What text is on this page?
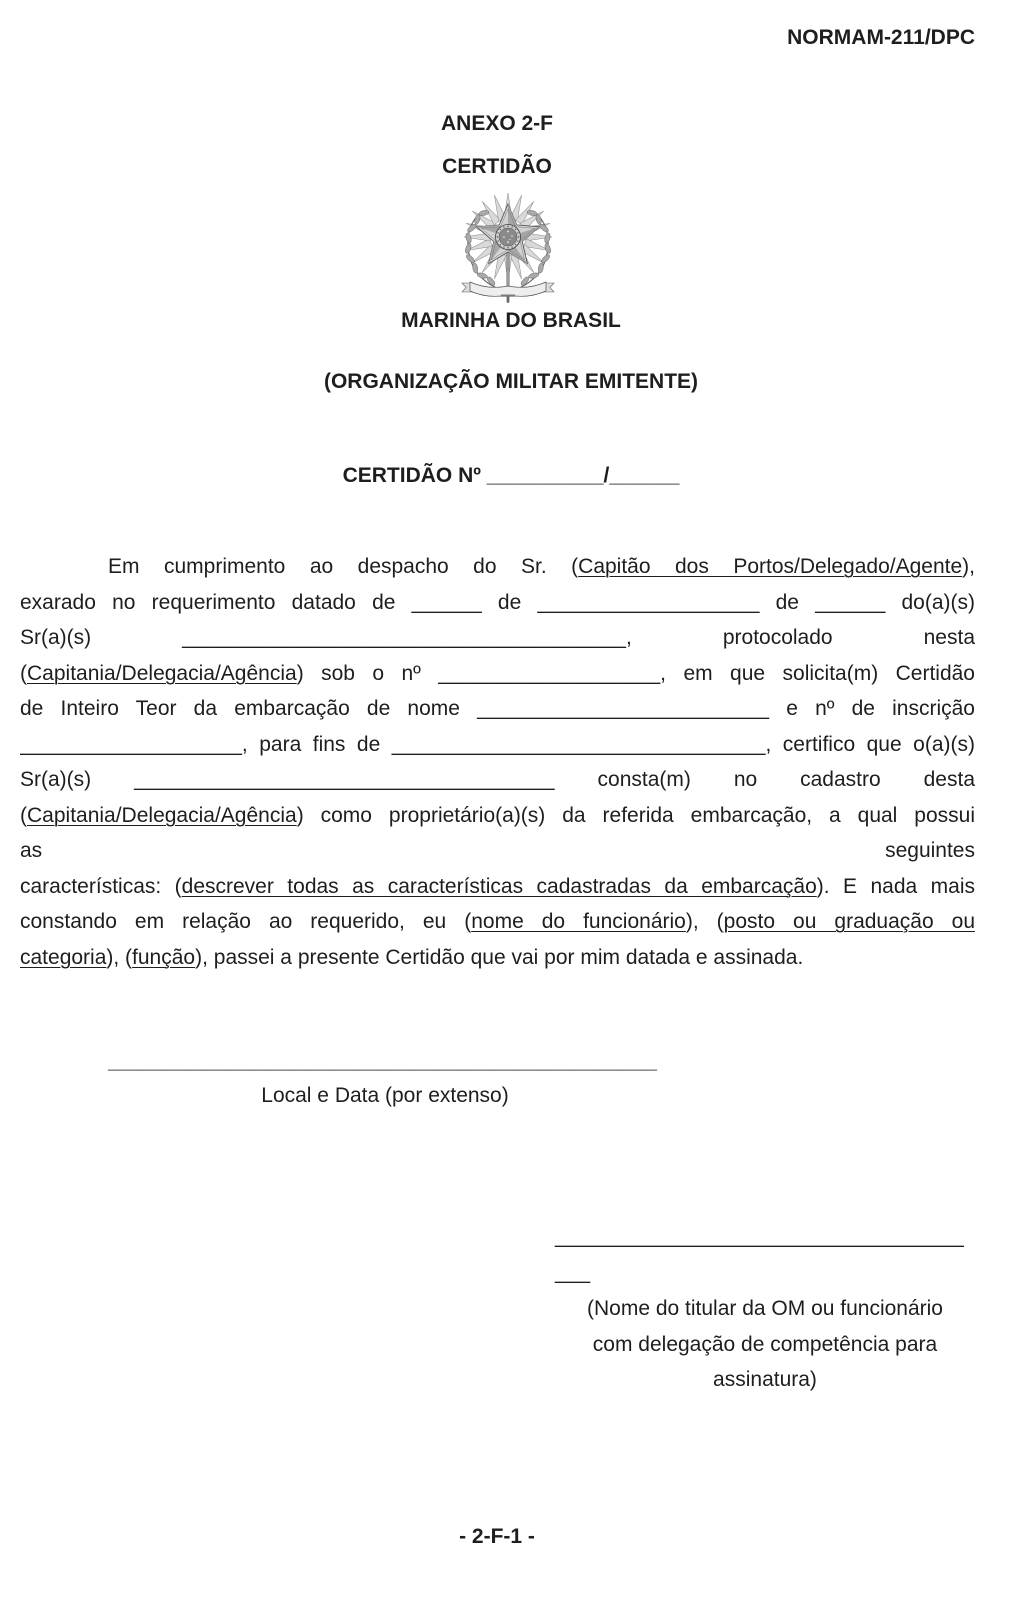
NORMAM-211/DPC
ANEXO 2-F
CERTIDÃO
MARINHA DO BRASIL
(ORGANIZAÇÃO MILITAR EMITENTE)
CERTIDÃO Nº __________/______
Em cumprimento ao despacho do Sr. (Capitão dos Portos/Delegado/Agente),
exarado no requerimento datado de ______ de ___________________ de ______ do(a)(s)
Sr(a)(s) ______________________________________, protocolado nesta
(Capitania/Delegacia/Agência) sob o nº ___________________, em que solicita(m) Certidão
de Inteiro Teor da embarcação de nome _________________________ e nº de inscrição
___________________, para fins de ________________________________, certifico que o(a)(s)
Sr(a)(s) ____________________________________ consta(m) no cadastro desta
(Capitania/Delegacia/Agência) como proprietário(a)(s) da referida embarcação, a qual possui
as seguintes
características: (descrever todas as características cadastradas da embarcação). E nada mais
constando em relação ao requerido, eu (nome do funcionário), (posto ou graduação ou
categoria), (função), passei a presente Certidão que vai por mim datada e assinada.
_______________________________________________
Local e Data (por extenso)
___________________________________
___
(Nome do titular da OM ou funcionário
com delegação de competência para
assinatura)
- 2-F-1 -
